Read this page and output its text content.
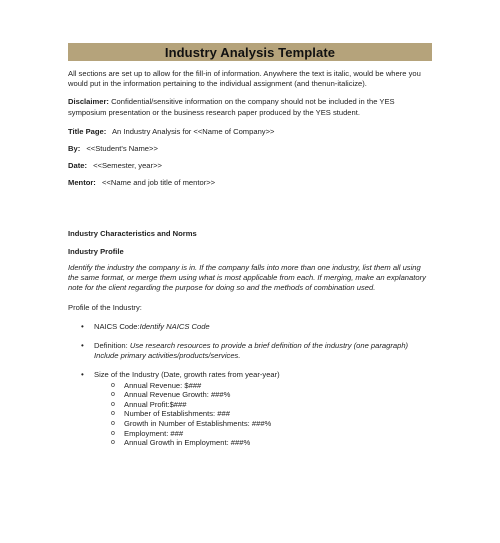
Industry Analysis Template

All sections are set up to allow for the fill-in of information. Anywhere the text is italic, would be where you would put in the information pertaining to the individual assignment (and thenun-italicize).

Disclaimer: Confidential/sensitive information on the company should not be included in the YES symposium presentation or the business research paper produced by the YES student.

Title Page: An Industry Analysis for <<Name of Company>>

By: <<Student's Name>>

Date: <<Semester, year>>

Mentor: <<Name and job title of mentor>>

Industry Characteristics and Norms

Industry Profile

Identify the industry the company is in. If the company falls into more than one industry, list them all using the same format, or merge them using what is most applicable from each. If merging, make an explanatory note for the client regarding the purpose for doing so and the methods of combination used.

Profile of the Industry:

• NAICS Code:Identify NAICS Code
• Definition: Use research resources to provide a brief definition of the industry (one paragraph) Include primary activities/products/services.
• Size of the Industry (Date, growth rates from year-year)
o Annual Revenue: $###
o Annual Revenue Growth: ###%
o Annual Profit:$###
o Number of Establishments: ###
o Growth in Number of Establishments: ###%
o Employment: ###
o Annual Growth in Employment: ###%
